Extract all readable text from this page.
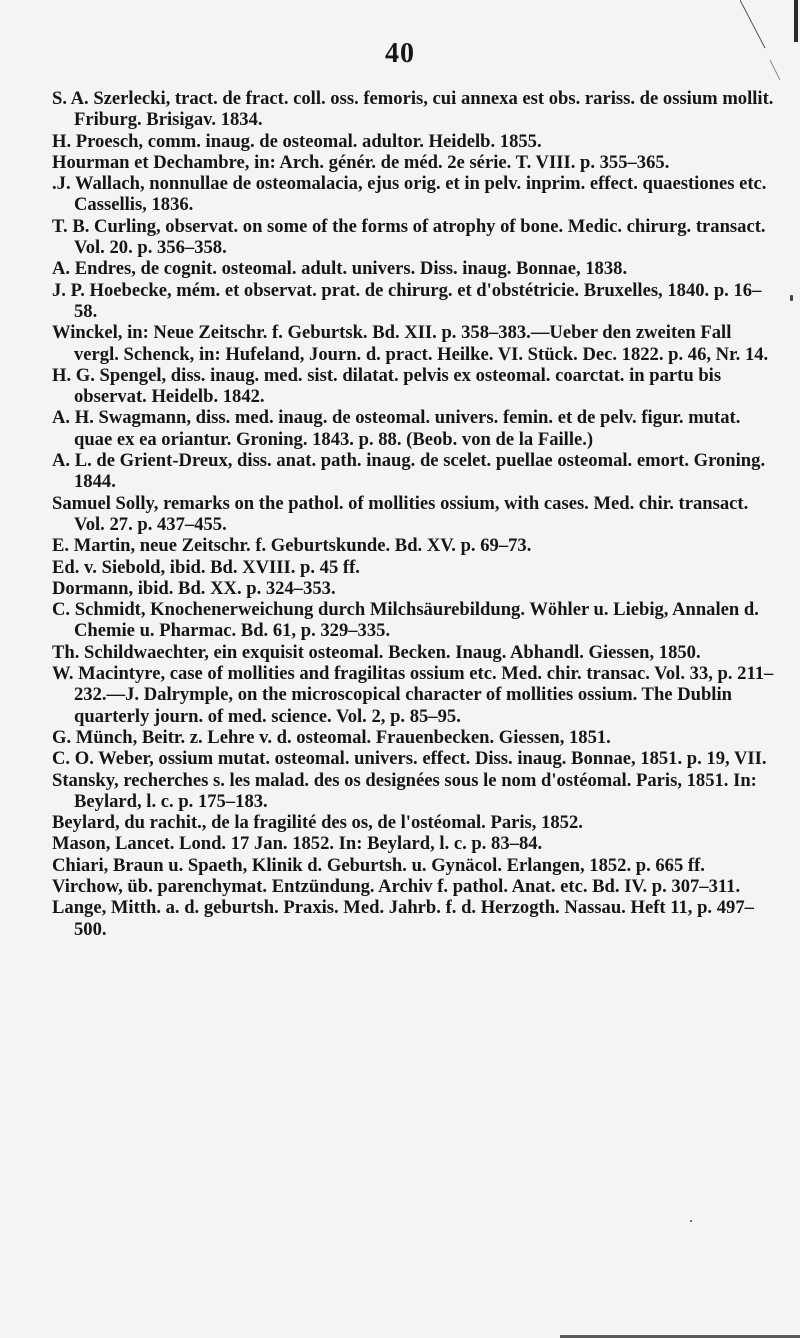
40
S. A. Szerlecki, tract. de fract. coll. oss. femoris, cui annexa est obs. rariss. de ossium mollit. Friburg. Brisigav. 1834.
H. Proesch, comm. inaug. de osteomal. adultor. Heidelb. 1855.
Hourman et Dechambre, in: Arch. génér. de méd. 2e série. T. VIII. p. 355–365.
.J. Wallach, nonnullae de osteomalacia, ejus orig. et in pelv. inprim. effect. quaestiones etc. Cassellis, 1836.
T. B. Curling, observat. on some of the forms of atrophy of bone. Medic. chirurg. transact. Vol. 20. p. 356–358.
A. Endres, de cognit. osteomal. adult. univers. Diss. inaug. Bonnae, 1838.
J. P. Hoebecke, mém. et observat. prat. de chirurg. et d'obstétricie. Bruxelles, 1840. p. 16–58.
Winckel, in: Neue Zeitschr. f. Geburtsk. Bd. XII. p. 358–383.—Ueber den zweiten Fall vergl. Schenck, in: Hufeland, Journ. d. pract. Heilke. VI. Stück. Dec. 1822. p. 46, Nr. 14.
H. G. Spengel, diss. inaug. med. sist. dilatat. pelvis ex osteomal. coarctat. in partu bis observat. Heidelb. 1842.
A. H. Swagmann, diss. med. inaug. de osteomal. univers. femin. et de pelv. figur. mutat. quae ex ea oriantur. Groning. 1843. p. 88. (Beob. von de la Faille.)
A. L. de Grient-Dreux, diss. anat. path. inaug. de scelet. puellae osteomal. emort. Groning. 1844.
Samuel Solly, remarks on the pathol. of mollities ossium, with cases. Med. chir. transact. Vol. 27. p. 437–455.
E. Martin, neue Zeitschr. f. Geburtskunde. Bd. XV. p. 69–73.
Ed. v. Siebold, ibid. Bd. XVIII. p. 45 ff.
Dormann, ibid. Bd. XX. p. 324–353.
C. Schmidt, Knochenerweichung durch Milchsäurebildung. Wöhler u. Liebig, Annalen d. Chemie u. Pharmac. Bd. 61, p. 329–335.
Th. Schildwaechter, ein exquisit osteomal. Becken. Inaug. Abhandl. Giessen, 1850.
W. Macintyre, case of mollities and fragilitas ossium etc. Med. chir. transac. Vol. 33, p. 211–232.—J. Dalrymple, on the microscopical character of mollities ossium. The Dublin quarterly journ. of med. science. Vol. 2, p. 85–95.
G. Münch, Beitr. z. Lehre v. d. osteomal. Frauenbecken. Giessen, 1851.
C. O. Weber, ossium mutat. osteomal. univers. effect. Diss. inaug. Bonnae, 1851. p. 19, VII.
Stansky, recherches s. les malad. des os designées sous le nom d'ostéomal. Paris, 1851. In: Beylard, l. c. p. 175–183.
Beylard, du rachit., de la fragilité des os, de l'ostéomal. Paris, 1852.
Mason, Lancet. Lond. 17 Jan. 1852. In: Beylard, l. c. p. 83–84.
Chiari, Braun u. Spaeth, Klinik d. Geburtsh. u. Gynäcol. Erlangen, 1852. p. 665 ff.
Virchow, üb. parenchymat. Entzündung. Archiv f. pathol. Anat. etc. Bd. IV. p. 307–311.
Lange, Mitth. a. d. geburtsh. Praxis. Med. Jahrb. f. d. Herzogth. Nassau. Heft 11, p. 497–500.
